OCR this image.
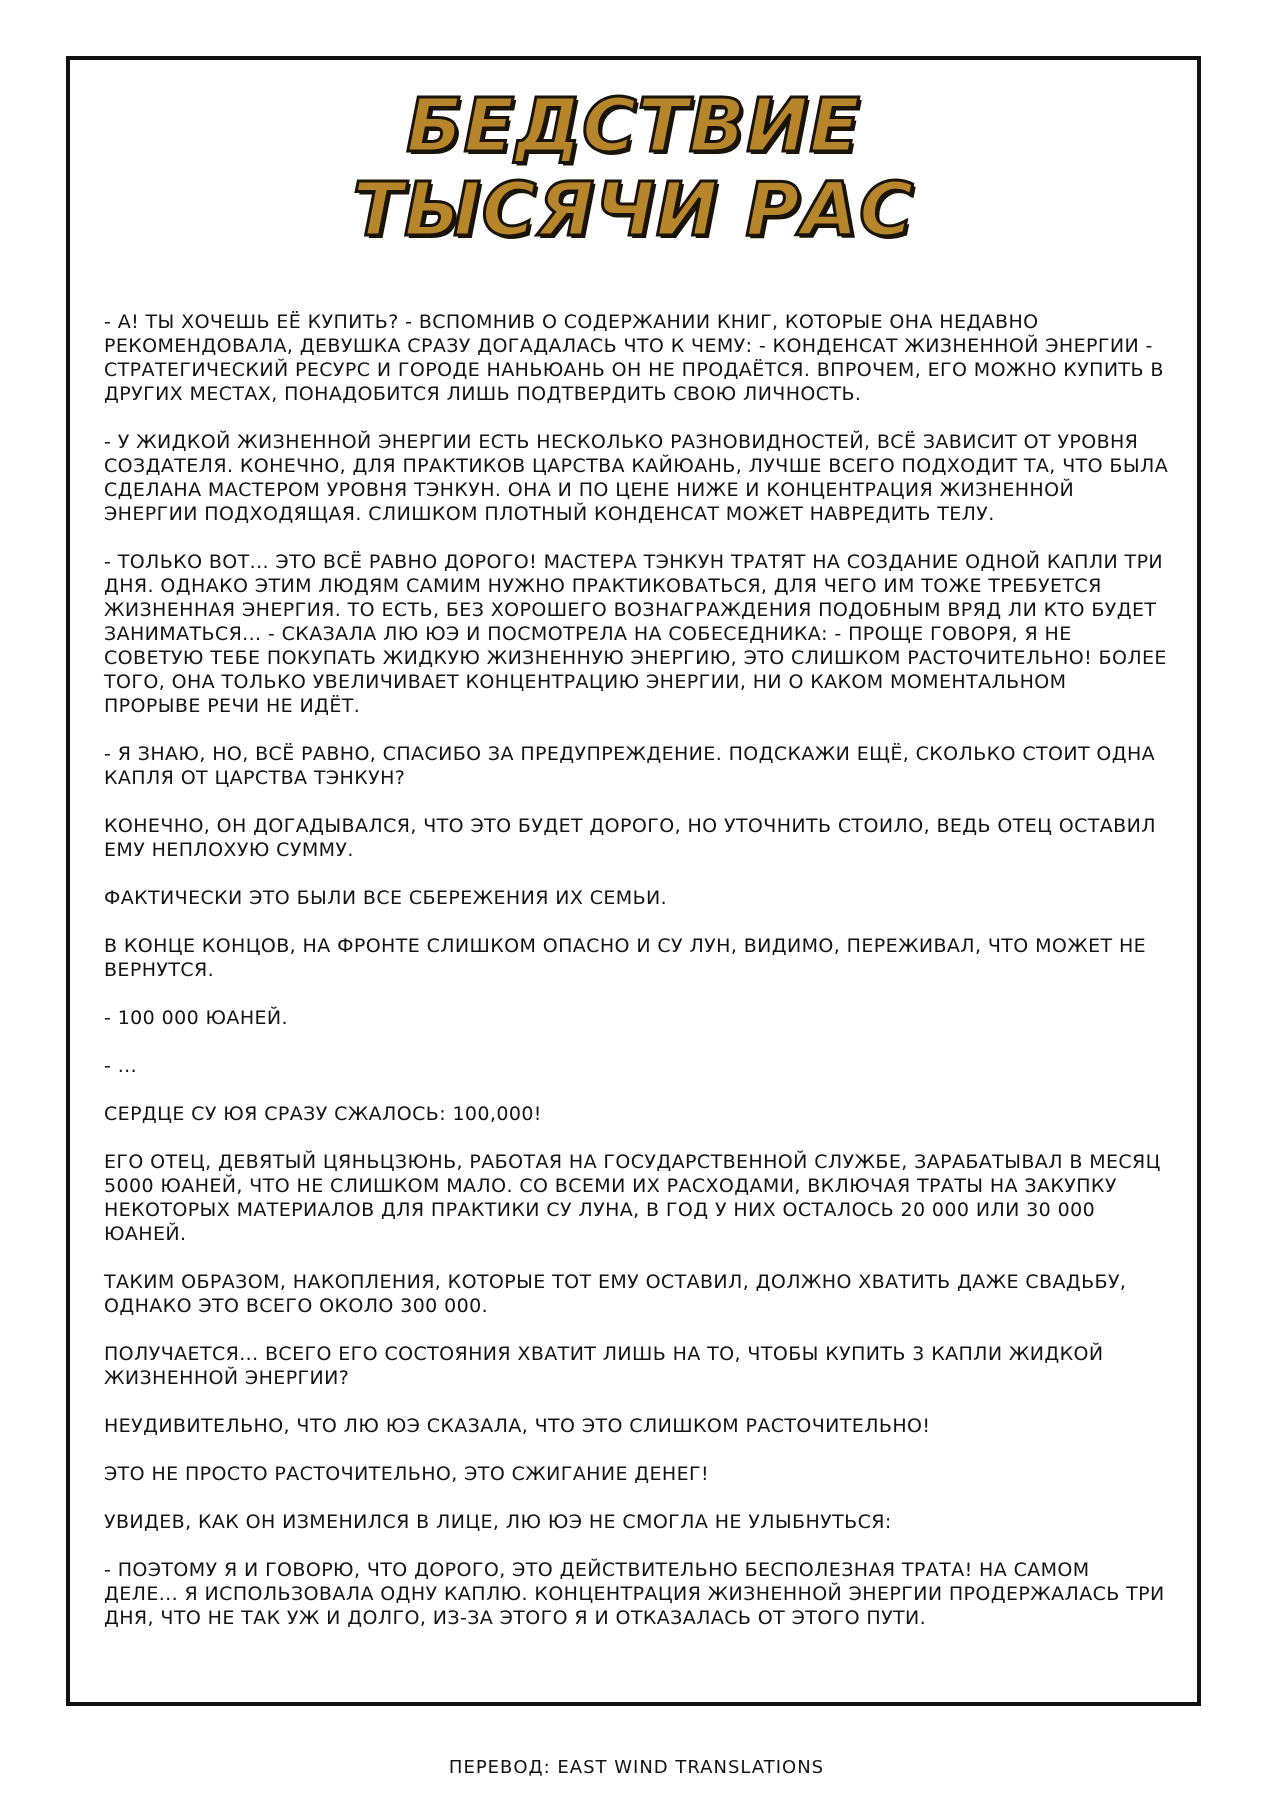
БЕДСТВИЕ
ТЫСЯЧИ РАС

- А! ТЫ ХОЧЕШЬ ЕЁ КУПИТЬ? - ВСПОМНИВ О СОДЕРЖАНИИ КНИГ, КОТОРЫЕ ОНА НЕДАВНО РЕКОМЕНДОВАЛА, ДЕВУШКА СРАЗУ ДОГАДАЛАСЬ ЧТО К ЧЕМУ: - КОНДЕНСАТ ЖИЗНЕННОЙ ЭНЕРГИИ - СТРАТЕГИЧЕСКИЙ РЕСУРС И ГОРОДЕ НАНЬЮАНЬ ОН НЕ ПРОДАЁТСЯ. ВПРОЧЕМ, ЕГО МОЖНО КУПИТЬ В ДРУГИХ МЕСТАХ, ПОНАДОБИТСЯ ЛИШЬ ПОДТВЕРДИТЬ СВОЮ ЛИЧНОСТЬ.

- У ЖИДКОЙ ЖИЗНЕННОЙ ЭНЕРГИИ ЕСТЬ НЕСКОЛЬКО РАЗНОВИДНОСТЕЙ, ВСЁ ЗАВИСИТ ОТ УРОВНЯ СОЗДАТЕЛЯ. КОНЕЧНО, ДЛЯ ПРАКТИКОВ ЦАРСТВА КАЙЮАНЬ, ЛУЧШЕ ВСЕГО ПОДХОДИТ ТА, ЧТО БЫЛА СДЕЛАНА МАСТЕРОМ УРОВНЯ ТЭНКУН. ОНА И ПО ЦЕНЕ НИЖЕ И КОНЦЕНТРАЦИЯ ЖИЗНЕННОЙ ЭНЕРГИИ ПОДХОДЯЩАЯ. СЛИШКОМ ПЛОТНЫЙ КОНДЕНСАТ МОЖЕТ НАВРЕДИТЬ ТЕЛУ.

- ТОЛЬКО ВОТ... ЭТО ВСЁ РАВНО ДОРОГО! МАСТЕРА ТЭНКУН ТРАТЯТ НА СОЗДАНИЕ ОДНОЙ КАПЛИ ТРИ ДНЯ. ОДНАКО ЭТИМ ЛЮДЯМ САМИМ НУЖНО ПРАКТИКОВАТЬСЯ, ДЛЯ ЧЕГО ИМ ТОЖЕ ТРЕБУЕТСЯ ЖИЗНЕННАЯ ЭНЕРГИЯ. ТО ЕСТЬ, БЕЗ ХОРОШЕГО ВОЗНАГРАЖДЕНИЯ ПОДОБНЫМ ВРЯД ЛИ КТО БУДЕТ ЗАНИМАТЬСЯ... - СКАЗАЛА ЛЮ ЮЭ И ПОСМОТРЕЛА НА СОБЕСЕДНИКА: - ПРОЩЕ ГОВОРЯ, Я НЕ СОВЕТУЮ ТЕБЕ ПОКУПАТЬ ЖИДКУЮ ЖИЗНЕННУЮ ЭНЕРГИЮ, ЭТО СЛИШКОМ РАСТОЧИТЕЛЬНО! БОЛЕЕ ТОГО, ОНА ТОЛЬКО УВЕЛИЧИВАЕТ КОНЦЕНТРАЦИЮ ЭНЕРГИИ, НИ О КАКОМ МОМЕНТАЛЬНОМ ПРОРЫВЕ РЕЧИ НЕ ИДЁТ.

- Я ЗНАЮ, НО, ВСЁ РАВНО, СПАСИБО ЗА ПРЕДУПРЕЖДЕНИЕ. ПОДСКАЖИ ЕЩЁ, СКОЛЬКО СТОИТ ОДНА КАПЛЯ ОТ ЦАРСТВА ТЭНКУН?

КОНЕЧНО, ОН ДОГАДЫВАЛСЯ, ЧТО ЭТО БУДЕТ ДОРОГО, НО УТОЧНИТЬ СТОИЛО, ВЕДЬ ОТЕЦ ОСТАВИЛ ЕМУ НЕПЛОХУЮ СУММУ.

ФАКТИЧЕСКИ ЭТО БЫЛИ ВСЕ СБЕРЕЖЕНИЯ ИХ СЕМЬИ.

В КОНЦЕ КОНЦОВ, НА ФРОНТЕ СЛИШКОМ ОПАСНО И СУ ЛУН, ВИДИМО, ПЕРЕЖИВАЛ, ЧТО МОЖЕТ НЕ ВЕРНУТСЯ.

- 100 000 ЮАНЕЙ.

- ...

СЕРДЦЕ СУ ЮЯ СРАЗУ СЖАЛОСЬ: 100,000!

ЕГО ОТЕЦ, ДЕВЯТЫЙ ЦЯНЬЦЗЮНЬ, РАБОТАЯ НА ГОСУДАРСТВЕННОЙ СЛУЖБЕ, ЗАРАБАТЫВАЛ В МЕСЯЦ 5000 ЮАНЕЙ, ЧТО НЕ СЛИШКОМ МАЛО. СО ВСЕМИ ИХ РАСХОДАМИ, ВКЛЮЧАЯ ТРАТЫ НА ЗАКУПКУ НЕКОТОРЫХ МАТЕРИАЛОВ ДЛЯ ПРАКТИКИ СУ ЛУНА, В ГОД У НИХ ОСТАЛОСЬ 20 000 ИЛИ 30 000 ЮАНЕЙ.

ТАКИМ ОБРАЗОМ, НАКОПЛЕНИЯ, КОТОРЫЕ ТОТ ЕМУ ОСТАВИЛ, ДОЛЖНО ХВАТИТЬ ДАЖЕ СВАДЬБУ, ОДНАКО ЭТО ВСЕГО ОКОЛО 300 000.

ПОЛУЧАЕТСЯ... ВСЕГО ЕГО СОСТОЯНИЯ ХВАТИТ ЛИШЬ НА ТО, ЧТОБЫ КУПИТЬ 3 КАПЛИ ЖИДКОЙ ЖИЗНЕННОЙ ЭНЕРГИИ?

НЕУДИВИТЕЛЬНО, ЧТО ЛЮ ЮЭ СКАЗАЛА, ЧТО ЭТО СЛИШКОМ РАСТОЧИТЕЛЬНО!

ЭТО НЕ ПРОСТО РАСТОЧИТЕЛЬНО, ЭТО СЖИГАНИЕ ДЕНЕГ!

УВИДЕВ, КАК ОН ИЗМЕНИЛСЯ В ЛИЦЕ, ЛЮ ЮЭ НЕ СМОГЛА НЕ УЛЫБНУТЬСЯ:

- ПОЭТОМУ Я И ГОВОРЮ, ЧТО ДОРОГО, ЭТО ДЕЙСТВИТЕЛЬНО БЕСПОЛЕЗНАЯ ТРАТА! НА САМОМ ДЕЛЕ... Я ИСПОЛЬЗОВАЛА ОДНУ КАПЛЮ. КОНЦЕНТРАЦИЯ ЖИЗНЕННОЙ ЭНЕРГИИ ПРОДЕРЖАЛАСЬ ТРИ ДНЯ, ЧТО НЕ ТАК УЖ И ДОЛГО, ИЗ-ЗА ЭТОГО Я И ОТКАЗАЛАСЬ ОТ ЭТОГО ПУТИ.

ПЕРЕВОД: EAST WIND TRANSLATIONS
